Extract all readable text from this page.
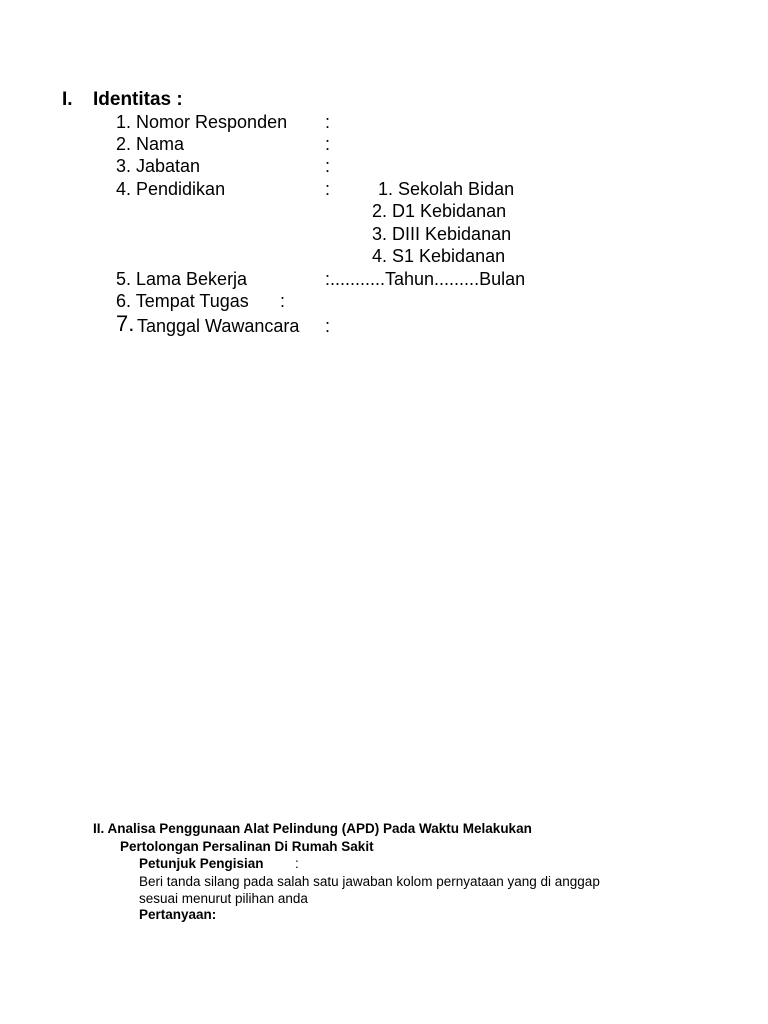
I. Identitas :
1. Nomor Responden :
2. Nama	:
3. Jabatan	:
4. Pendidikan	:	1. Sekolah Bidan
2. D1 Kebidanan
3. DIII Kebidanan
4. S1 Kebidanan
5. Lama Bekerja	:...........Tahun.........Bulan
6. Tempat Tugas :
7. Tanggal Wawancara :
II. Analisa Penggunaan Alat Pelindung (APD) Pada Waktu Melakukan
Pertolongan Persalinan Di Rumah Sakit
Petunjuk Pengisian :
Beri tanda silang pada salah satu jawaban kolom pernyataan yang di anggap
sesuai menurut pilihan anda
Pertanyaan:
